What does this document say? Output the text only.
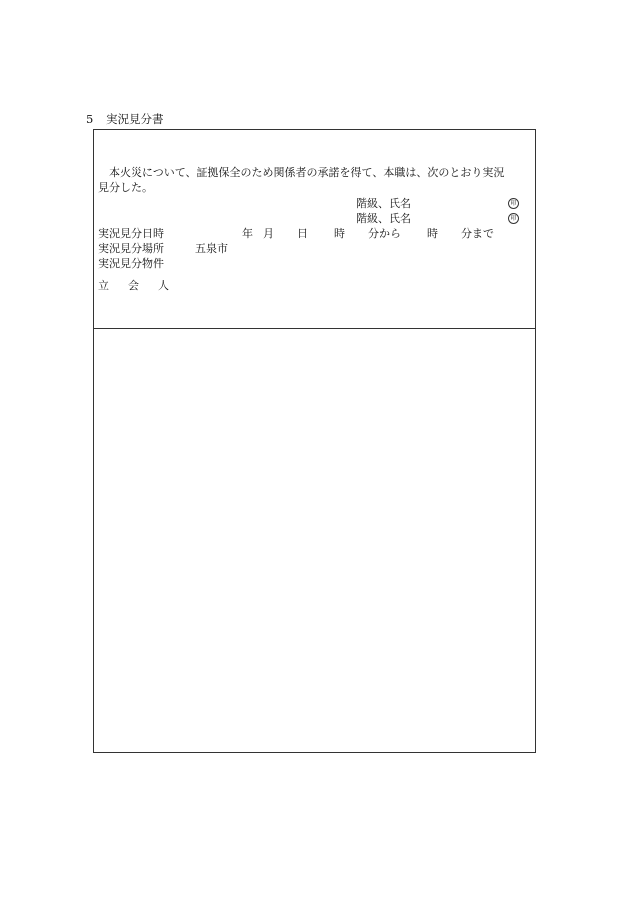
5 実況見分書
本火災について、証拠保全のため関係者の承諾を得て、本職は、次のとおり実況
見分した。
階級、氏名	印
階級、氏名	印
実況見分日時	年 月 日 時 分から 時 分まで
実況見分場所	五泉市
実況見分物件
立 会 人
